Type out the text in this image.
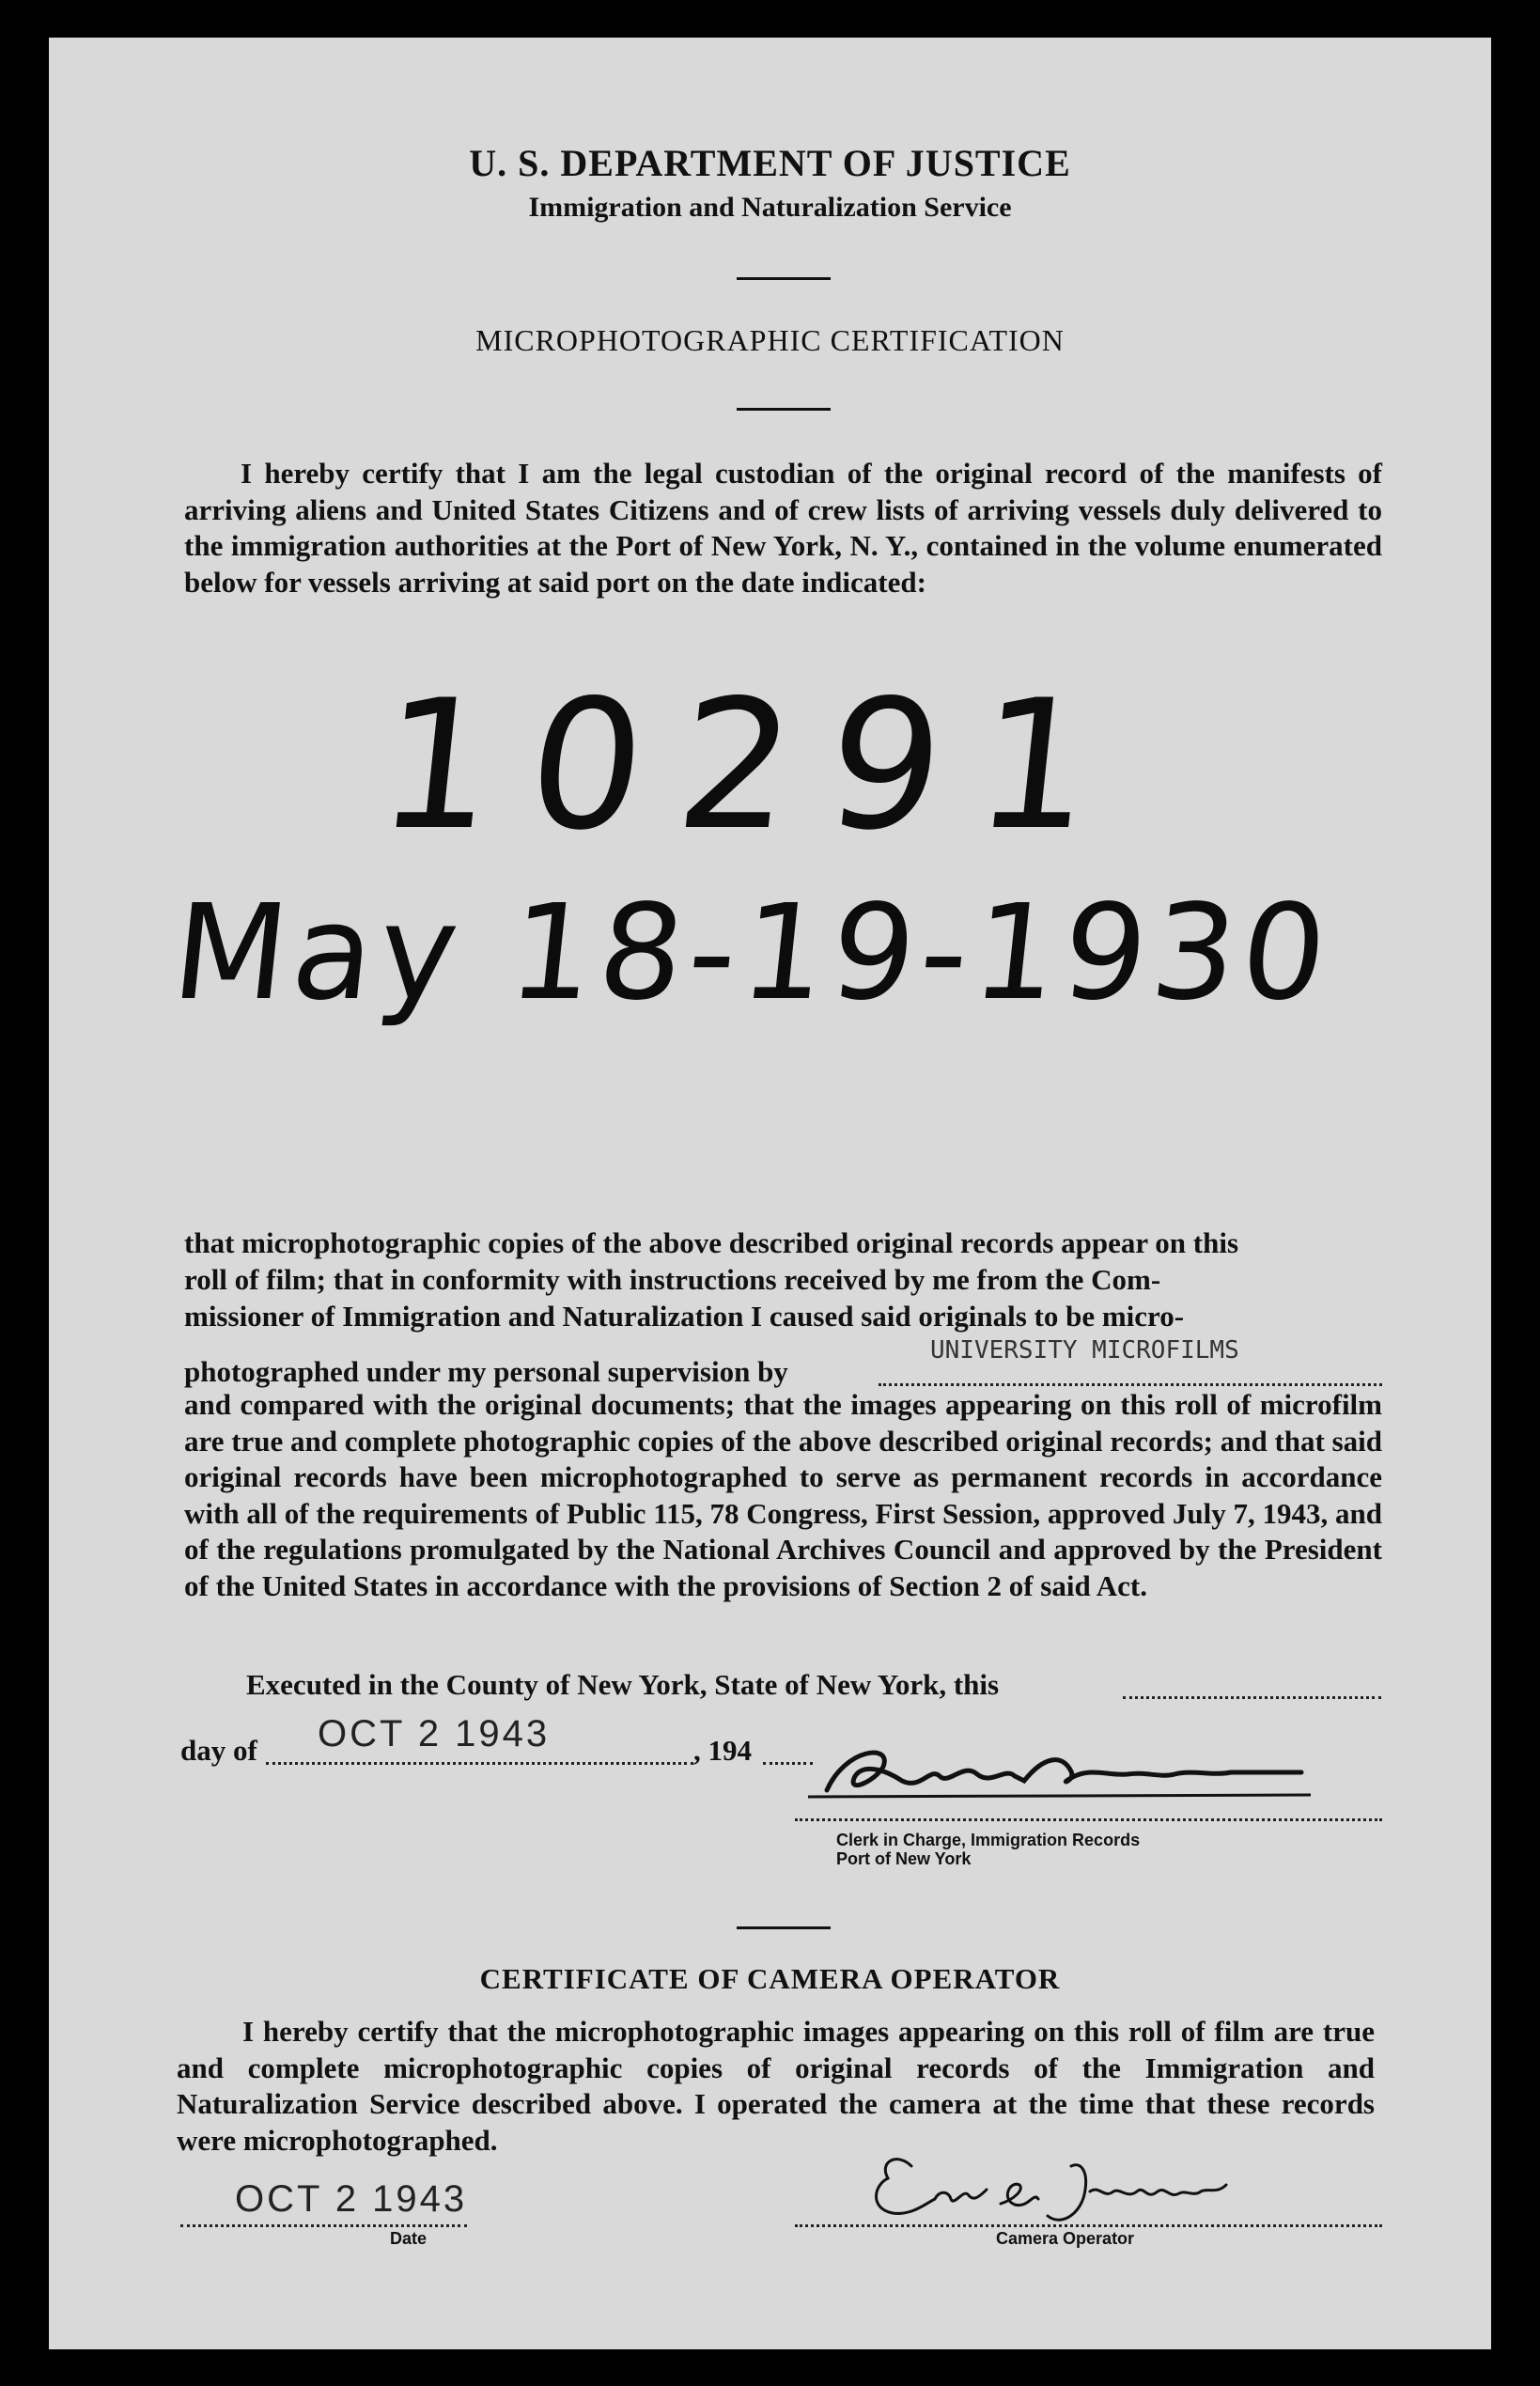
U. S. DEPARTMENT OF JUSTICE
Immigration and Naturalization Service
MICROPHOTOGRAPHIC CERTIFICATION
I hereby certify that I am the legal custodian of the original record of the manifests of arriving aliens and United States Citizens and of crew lists of arriving vessels duly delivered to the immigration authorities at the Port of New York, N. Y., contained in the volume enumerated below for vessels arriving at said port on the date indicated:
10291
May 18-19-1930
that microphotographic copies of the above described original records appear on this
roll of film; that in conformity with instructions received by me from the Com-
missioner of Immigration and Naturalization I caused said originals to be micro-
photographed under my personal supervision by
UNIVERSITY MICROFILMS
and compared with the original documents; that the images appearing on this roll of microfilm are true and complete photographic copies of the above described original records; and that said original records have been microphotographed to serve as permanent records in accordance with all of the requirements of Public 115, 78 Congress, First Session, approved July 7, 1943, and of the regulations promulgated by the National Archives Council and approved by the President of the United States in accordance with the provisions of Section 2 of said Act.
Executed in the County of New York, State of New York, this
day of OCT 2 1943	, 194
Clerk in Charge, Immigration Records
Port of New York
CERTIFICATE OF CAMERA OPERATOR
I hereby certify that the microphotographic images appearing on this roll of film are true and complete microphotographic copies of original records of the Immigration and Naturalization Service described above. I operated the camera at the time that these records were microphotographed.
OCT 2 1943
Date	Camera Operator
